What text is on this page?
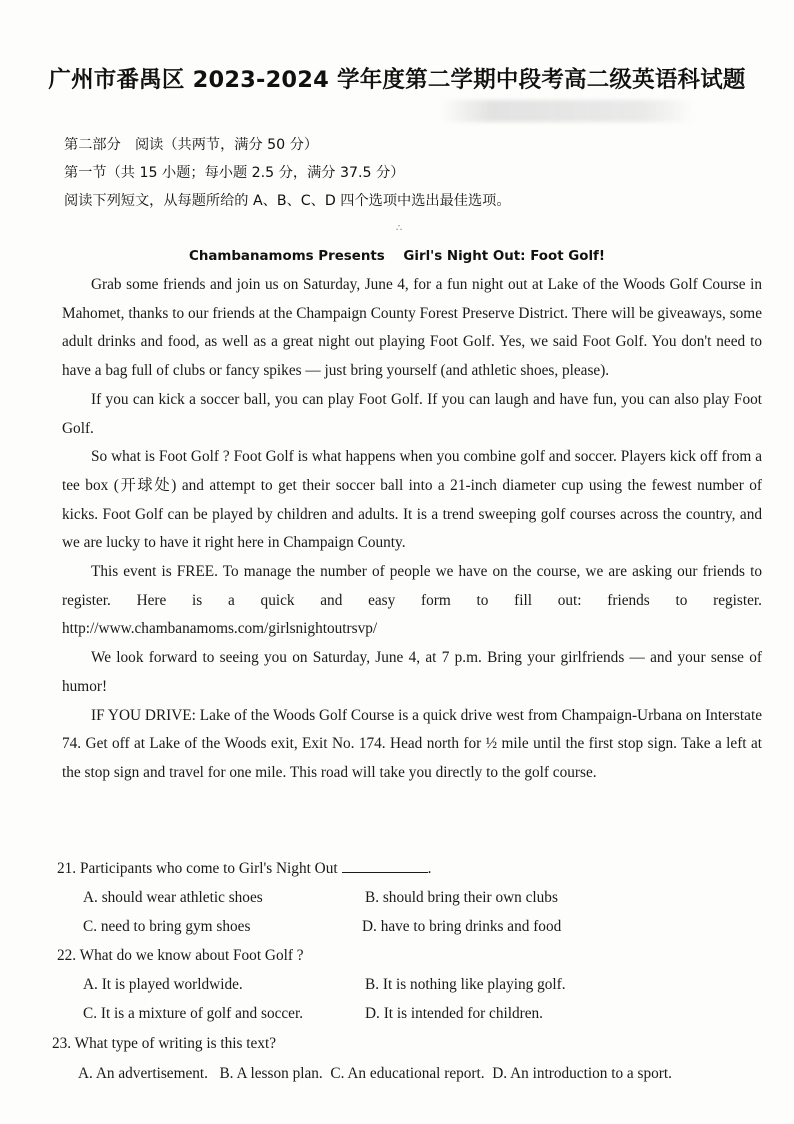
广州市番禺区 2023-2024 学年度第二学期中段考高二级英语科试题
第二部分　阅读（共两节，满分 50 分）
第一节（共 15 小题；每小题 2.5 分，满分 37.5 分）
阅读下列短文，从每题所给的 A、B、C、D 四个选项中选出最佳选项。
∴
Chambanamoms Presents    Girl's Night Out: Foot Golf!

Grab some friends and join us on Saturday, June 4, for a fun night out at Lake of the Woods Golf Course in Mahomet, thanks to our friends at the Champaign County Forest Preserve District. There will be giveaways, some adult drinks and food, as well as a great night out playing Foot Golf. Yes, we said Foot Golf. You don't need to have a bag full of clubs or fancy spikes — just bring yourself (and athletic shoes, please).

If you can kick a soccer ball, you can play Foot Golf. If you can laugh and have fun, you can also play Foot Golf.

So what is Foot Golf ? Foot Golf is what happens when you combine golf and soccer. Players kick off from a tee box (开球处) and attempt to get their soccer ball into a 21-inch diameter cup using the fewest number of kicks. Foot Golf can be played by children and adults. It is a trend sweeping golf courses across the country, and we are lucky to have it right here in Champaign County.

This event is FREE. To manage the number of people we have on the course, we are asking our friends to register. Here is a quick and easy form to fill out: friends to register. http://www.chambanamoms.com/girlsnightoutrsvp/

We look forward to seeing you on Saturday, June 4, at 7 p.m. Bring your girlfriends — and your sense of humor!

IF YOU DRIVE: Lake of the Woods Golf Course is a quick drive west from Champaign-Urbana on Interstate 74. Get off at Lake of the Woods exit, Exit No. 174. Head north for ½ mile until the first stop sign. Take a left at the stop sign and travel for one mile. This road will take you directly to the golf course.

21. Participants who come to Girl's Night Out	.
A. should wear athletic shoes	B. should bring their own clubs
C. need to bring gym shoes	D. have to bring drinks and food
22. What do we know about Foot Golf ?
A. It is played worldwide.	B. It is nothing like playing golf.
C. It is a mixture of golf and soccer.	D. It is intended for children.
23. What type of writing is this text?
A. An advertisement.   B. A lesson plan.  C. An educational report.  D. An introduction to a sport.
